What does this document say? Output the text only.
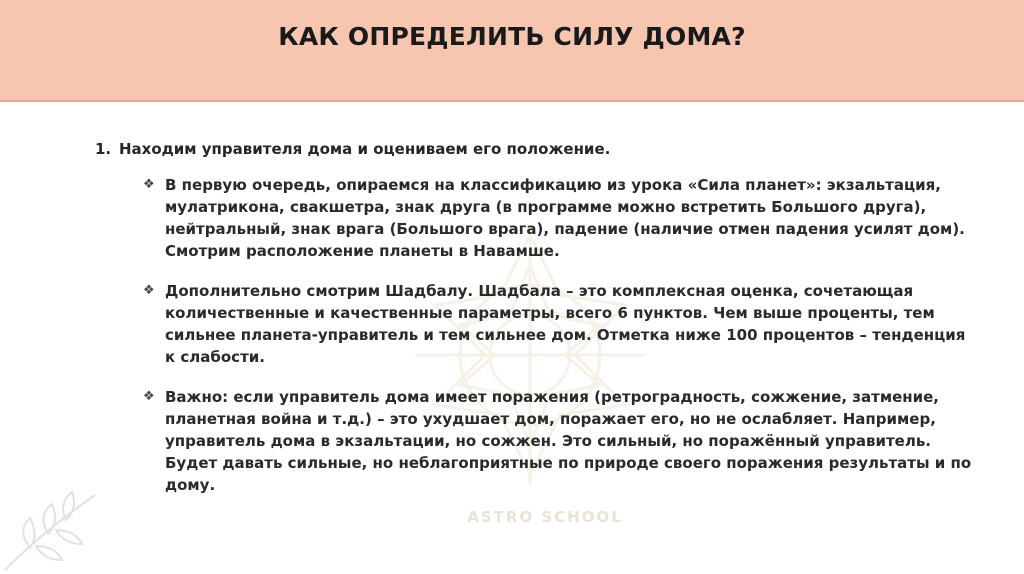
КАК ОПРЕДЕЛИТЬ СИЛУ ДОМА?
ASTRO SCHOOL
1. Находим управителя дома и оцениваем его положение.
❖ В первую очередь, опираемся на классификацию из урока «Сила планет»: экзальтация, мулатрикона, свакшетра, знак друга (в программе можно встретить Большого друга), нейтральный, знак врага (Большого врага), падение (наличие отмен падения усилят дом). Смотрим расположение планеты в Навамше.
❖ Дополнительно смотрим Шадбалу. Шадбала – это комплексная оценка, сочетающая количественные и качественные параметры, всего 6 пунктов. Чем выше проценты, тем сильнее планета-управитель и тем сильнее дом. Отметка ниже 100 процентов – тенденция к слабости.
❖ Важно: если управитель дома имеет поражения (ретроградность, сожжение, затмение, планетная война и т.д.) – это ухудшает дом, поражает его, но не ослабляет. Например, управитель дома в экзальтации, но сожжен. Это сильный, но поражённый управитель. Будет давать сильные, но неблагоприятные по природе своего поражения результаты и по дому.
